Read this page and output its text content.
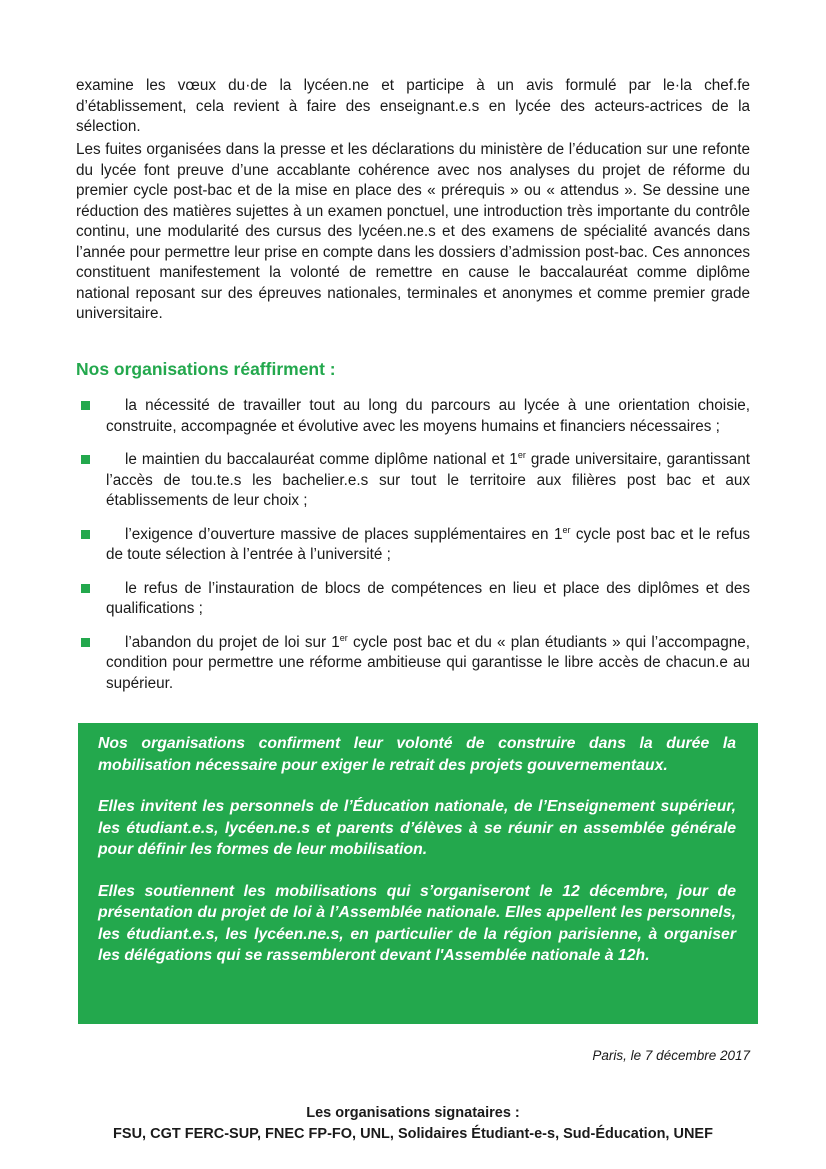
examine les vœux du·de la lycéen.ne et participe à un avis formulé par le·la chef.fe d’établissement, cela revient à faire des enseignant.e.s en lycée des acteurs-actrices de la sélection.

Les fuites organisées dans la presse et les déclarations du ministère de l’éducation sur une refonte du lycée font preuve d’une accablante cohérence avec nos analyses du projet de réforme du premier cycle post-bac et de la mise en place des « prérequis » ou « attendus ». Se dessine une réduction des matières sujettes à un examen ponctuel, une introduction très importante du contrôle continu, une modularité des cursus des lycéen.ne.s et des examens de spécialité avancés dans l’année pour permettre leur prise en compte dans les dossiers d’admission post-bac. Ces annonces constituent manifestement la volonté de remettre en cause le baccalauréat comme diplôme national reposant sur des épreuves nationales, terminales et anonymes et comme premier grade universitaire.

Nos organisations réaffirment :
la nécessité de travailler tout au long du parcours au lycée à une orientation choisie, construite, accompagnée et évolutive avec les moyens humains et financiers nécessaires ;
le maintien du baccalauréat comme diplôme national et 1er grade universitaire, garantissant l’accès de tou.te.s les bachelier.e.s sur tout le territoire aux filières post bac et aux établissements de leur choix ;
l’exigence d’ouverture massive de places supplémentaires en 1er cycle post bac et le refus de toute sélection à l’entrée à l’université ;
le refus de l’instauration de blocs de compétences en lieu et place des diplômes et des qualifications ;
l’abandon du projet de loi sur 1er cycle post bac et du « plan étudiants » qui l’accompagne, condition pour permettre une réforme ambitieuse qui garantisse le libre accès de chacun.e au supérieur.

Nos organisations confirment leur volonté de construire dans la durée la mobilisation nécessaire pour exiger le retrait des projets gouvernementaux.

Elles invitent les personnels de l’Éducation nationale, de l’Enseignement supérieur, les étudiant.e.s, lycéen.ne.s et parents d’élèves à se réunir en assemblée générale pour définir les formes de leur mobilisation.

Elles soutiennent les mobilisations qui s’organiseront le 12 décembre, jour de présentation du projet de loi à l’Assemblée nationale. Elles appellent les personnels, les étudiant.e.s, les lycéen.ne.s, en particulier de la région parisienne, à organiser les délégations qui se rassembleront devant l'Assemblée nationale à 12h.

Paris, le 7 décembre 2017
Les organisations signataires :
FSU, CGT FERC-SUP, FNEC FP-FO, UNL, Solidaires Étudiant-e-s, Sud-Éducation, UNEF
